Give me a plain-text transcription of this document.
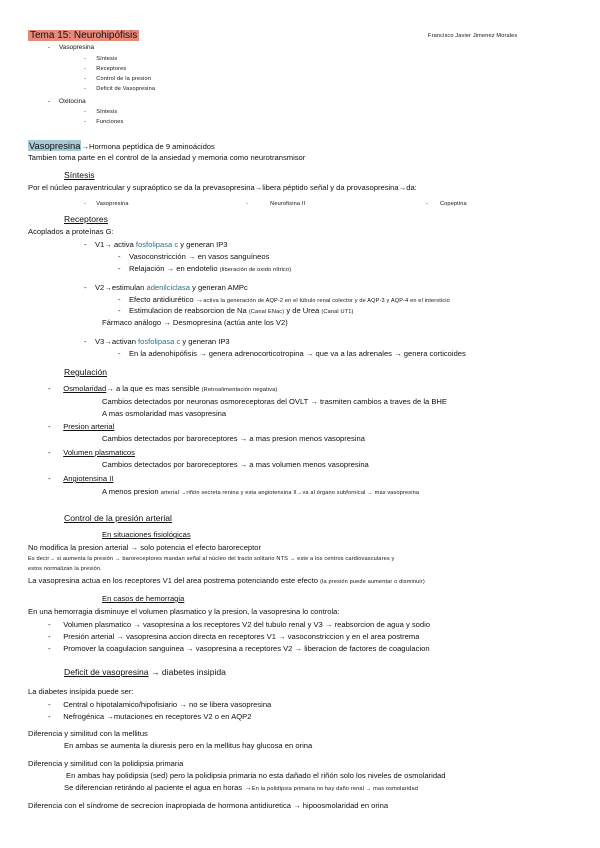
Tema 15: Neurohipófisis	Francisco Javier Jimenez Morales
-     Vasopresina
-      Síntesis
-      Receptores
-      Control de la presion
-      Deficit de Vasopresina
-     Oxitocina
-      Síntesis
-      Funciones
Vasopresina→Hormona peptídica de 9 aminoácidos
Tambien toma parte en el control de la ansiedad y memoria como neurotransmisor
Síntesis
Por el núcleo paraventricular y supraóptico se da la prevasopresina→libera péptido señal y da provasopresina→da:
-      Vasopresina	-             Neurofisina II	-       Copeptina
Receptores
Acoplados a proteínas G:
-    V1→ activa fosfolipasa c y generan IP3
-    Vasoconstricción → en vasos sanguíneos
-    Relajación → en endotelio (liberación de oxido nítrico)
-    V2→estimulan adenilciclasa y generan AMPc
-    Efecto antidiurético →activa la generación de AQP-2 en el túbulo renal colector y de AQP-3 y AQP-4 en el intersticio
-    Estimulacion de reabsorcion de Na (Canal ENac) y de Urea (Canal UT1)
Fármaco análogo → Desmopresina (actúa ante los V2)
-    V3→activan fosfolipasa c y generan IP3
-    En la adenohipófisis → genera adrenocorticotropina → que va a las adrenales → genera corticoides
Regulación
-      Osmolaridad→ a la que es mas sensible (Retroalimentación negativa)
Cambios detectados por neuronas osmoreceptoras del OVLT → trasmiten cambios a traves de la BHE
A mas osmolaridad mas vasopresina
-      Presion arterial
Cambios detectados por baroreceptores → a mas presion menos vasopresina
-      Volumen plasmaticos
Cambios detectados por baroreceptores → a mas volumen menos vasopresina
-      Angiotensina II
A menos presion arterial →riñón secreta renina y esta angiotensina II→va al órgano subfornical → mas vasopresina
Control de la presión arterial
En situaciones fisiológicas
No modifica la presion arterial → solo potencia el efecto baroreceptor
Es decir→ si aumenta la presión → baroreceptores mandan señal al núcleo del tracto solitario NTS → este a los centros cardiovasculares y
estos normalizan la presión.
La vasopresina actua en los receptores V1 del area postrema potenciando este efecto (la presión puede aumentar o disminuir)
En casos de hemorragia
En una hemorragia disminuye el volumen plasmatico y la presion, la vasopresina lo controla:
-      Volumen plasmatico → vasopresina a los receptores V2 del tubulo renal y V3 → reabsorcion de agua y sodio
-      Presión arterial → vasopresina accion directa en receptores V1 → vasoconstriccion y en el area postrema
-      Promover la coagulacion sanguinea → vasopresina a receptores V2 → liberacion de factores de coagulacion
Deficit de vasopresina → diabetes insipida
La diabetes insípida puede ser:
-      Central o hipotalamico/hipofisiario → no se libera vasopresina
-      Nefrogénica →mutaciones en receptores V2 o en AQP2
Diferencia y similitud con la mellitus
En ambas se aumenta la diuresis pero en la mellitus hay glucosa en orina
Diferencia y similitud con la polidipsia primaria
En ambas hay polidipsia (sed) pero la polidipsia primaria no esta dañado el riñón solo los niveles de osmolaridad
Se diferencian retirándo al paciente el agua en horas →En la polidipsia primaria no hay daño renal → mas osmolaridad
Diferencia con el síndrome de secrecion inapropiada de hormona antidiuretica → hipoosmolaridad en orina
